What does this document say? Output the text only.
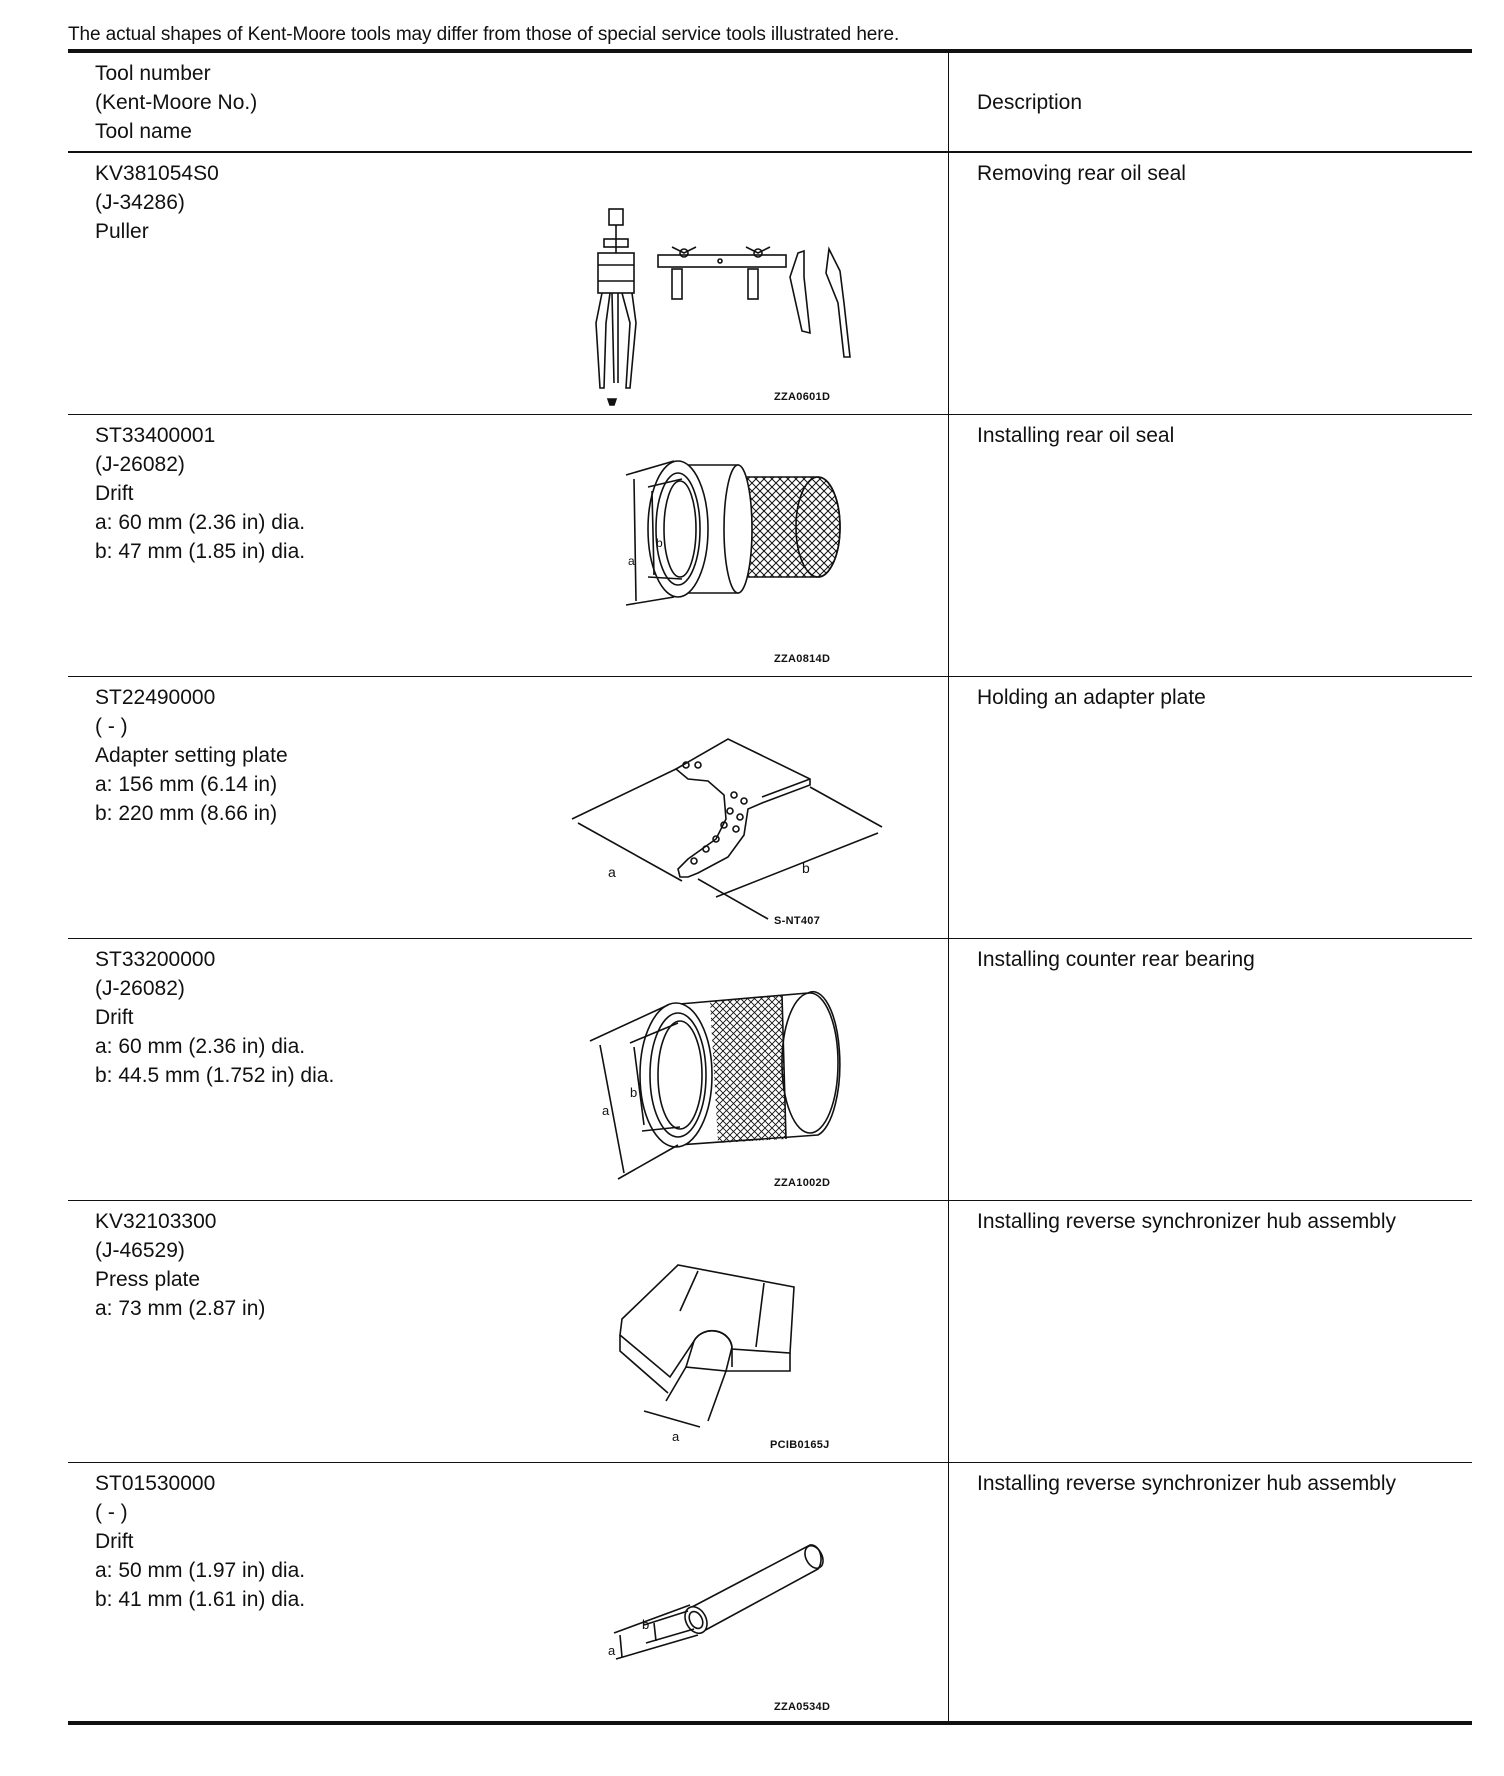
The actual shapes of Kent-Moore tools may differ from those of special service tools illustrated here.
Tool number
(Kent-Moore No.)
Tool name
Description
KV381054S0
(J-34286)
Puller
ZZA0601D
Removing rear oil seal
ST33400001
(J-26082)
Drift
a: 60 mm (2.36 in) dia.
b: 47 mm (1.85 in) dia.	a
b
ZZA0814D
Installing rear oil seal
ST22490000
( - )
Adapter setting plate
a: 156 mm (6.14 in)
b: 220 mm (8.66 in)
a	b
S-NT407
Holding an adapter plate
ST33200000
(J-26082)
Drift
a: 60 mm (2.36 in) dia.
b: 44.5 mm (1.752 in) dia.
a
b
ZZA1002D
Installing counter rear bearing
KV32103300
(J-46529)
Press plate
a: 73 mm (2.87 in)
a
PCIB0165J
Installing reverse synchronizer hub assembly
ST01530000
( - )
Drift
a: 50 mm (1.97 in) dia.
b: 41 mm (1.61 in) dia.
a
b
ZZA0534D
Installing reverse synchronizer hub assembly
